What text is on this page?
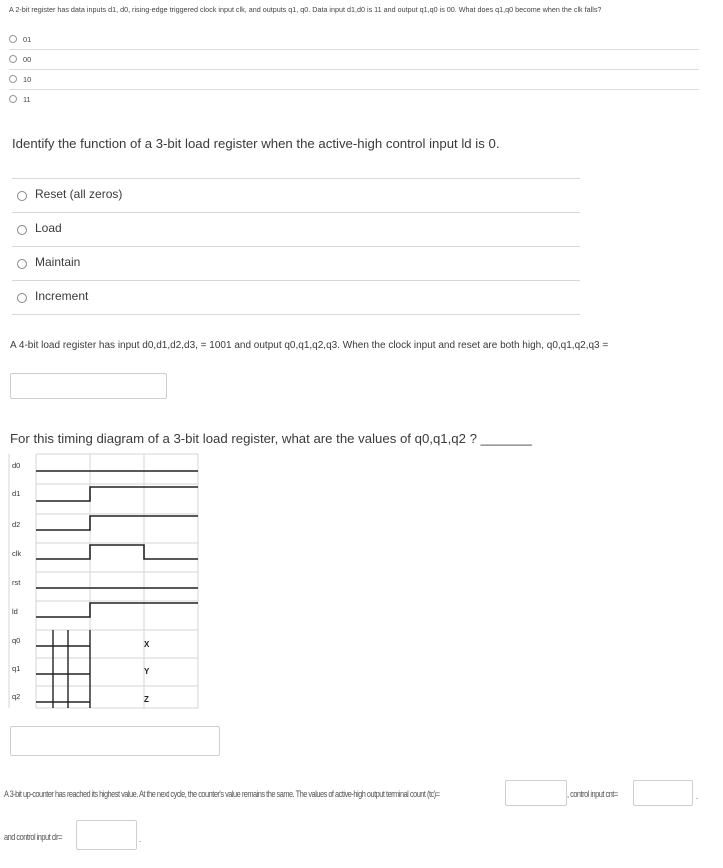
A 2-bit register has data inputs d1, d0, rising-edge triggered clock input clk, and outputs q1, q0. Data input d1,d0 is 11 and output q1,q0 is 00. What does q1,q0 become when the clk falls?
01
00
10
11
Identify the function of a 3-bit load register when the active-high control input ld is 0.
Reset (all zeros)
Load
Maintain
Increment
A 4-bit load register has input d0,d1,d2,d3, = 1001 and output q0,q1,q2,q3. When the clock input and reset are both high, q0,q1,q2,q3 =
For this timing diagram of a 3-bit load register, what are the values of q0,q1,q2 ? _______
d0
d1
d2
clk
rst
ld
q0
q1
q2
X
Y
Z
A 3-bit up-counter has reached its highest value. At the next cycle, the counter's value remains the same. The values of active-high output terminal count (tc)=	, control input cnt=	.
and control input clr=	.
